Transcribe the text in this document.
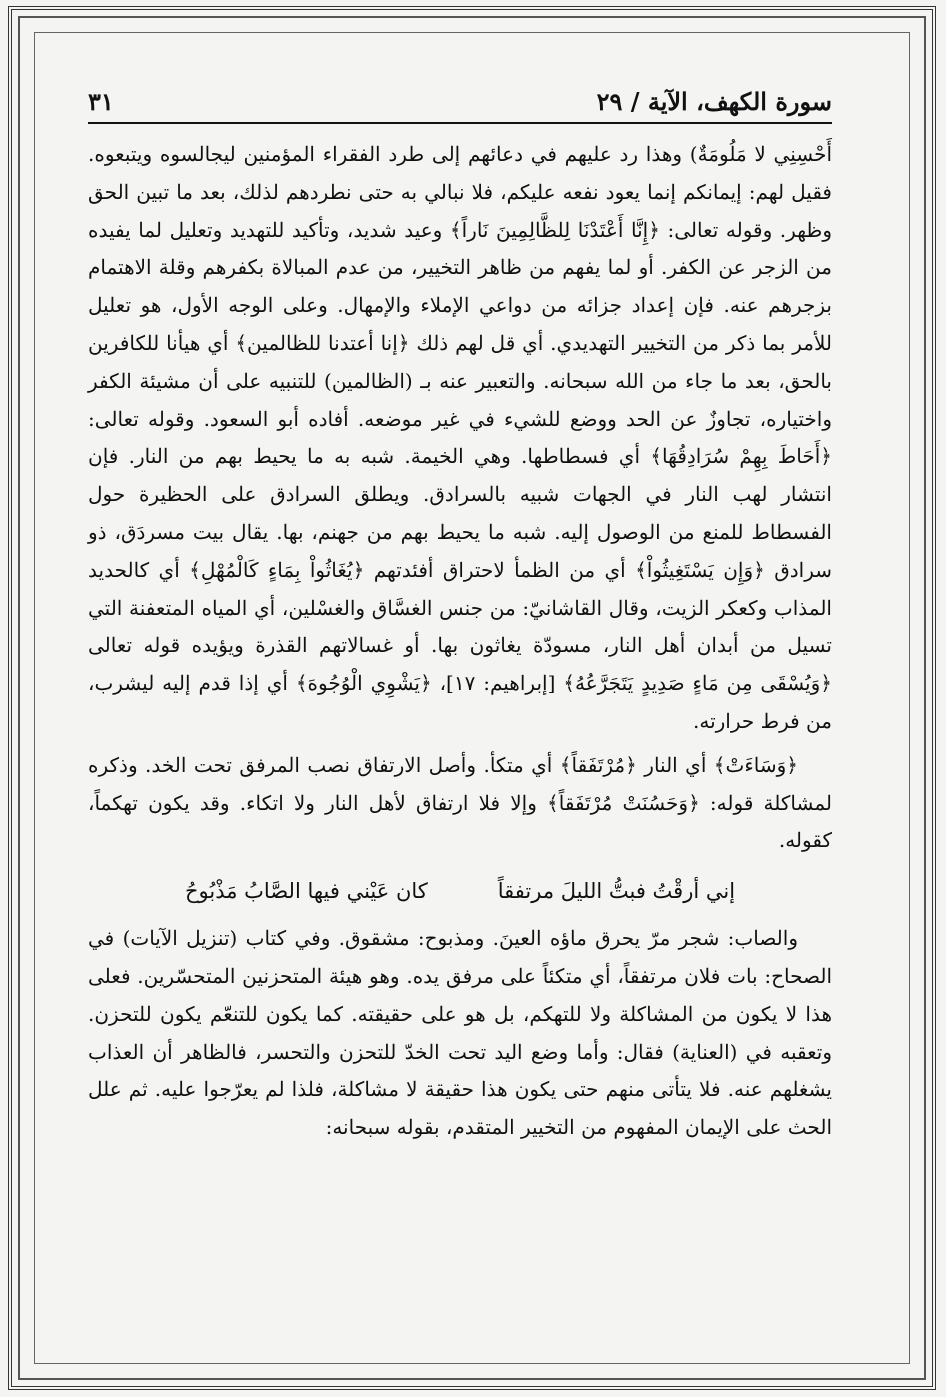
سورة الكهف، الآية / ٢٩
٣١

أَحْسِنِي لا مَلُومَةٌ) وهذا رد عليهم في دعائهم إلى طرد الفقراء المؤمنين ليجالسوه ويتبعوه. فقيل لهم: إيمانكم إنما يعود نفعه عليكم، فلا نبالي به حتى نطردهم لذلك، بعد ما تبين الحق وظهر. وقوله تعالى: ﴿إِنَّا أَعْتَدْنَا لِلظَّالِمِينَ نَاراً﴾ وعيد شديد، وتأكيد للتهديد وتعليل لما يفيده من الزجر عن الكفر. أو لما يفهم من ظاهر التخيير، من عدم المبالاة بكفرهم وقلة الاهتمام بزجرهم عنه. فإن إعداد جزائه من دواعي الإملاء والإمهال. وعلى الوجه الأول، هو تعليل للأمر بما ذكر من التخيير التهديدي. أي قل لهم ذلك ﴿إنا أعتدنا للظالمين﴾ أي هيأنا للكافرين بالحق، بعد ما جاء من الله سبحانه. والتعبير عنه بـ (الظالمين) للتنبيه على أن مشيئة الكفر واختياره، تجاوزٌ عن الحد ووضع للشيء في غير موضعه. أفاده أبو السعود. وقوله تعالى: ﴿أَحَاطَ بِهِمْ سُرَادِقُهَا﴾ أي فسطاطها. وهي الخيمة. شبه به ما يحيط بهم من النار. فإن انتشار لهب النار في الجهات شبيه بالسرادق. ويطلق السرادق على الحظيرة حول الفسطاط للمنع من الوصول إليه. شبه ما يحيط بهم من جهنم، بها. يقال بيت مسردَق، ذو سرادق ﴿وَإِن يَسْتَغِيثُواْ﴾ أي من الظمأ لاحتراق أفئدتهم ﴿يُغَاثُواْ بِمَاءٍ كَالْمُهْلِ﴾ أي كالحديد المذاب وكعكر الزيت، وقال القاشانيّ: من جنس الغسَّاق والغسْلين، أي المياه المتعفنة التي تسيل من أبدان أهل النار، مسودّة يغاثون بها. أو غسالاتهم القذرة ويؤيده قوله تعالى ﴿وَيُسْقَى مِن مَاءٍ صَدِيدٍ يَتَجَرَّعُهُ﴾ [إبراهيم: ١٧]، ﴿يَشْوِي الْوُجُوهَ﴾ أي إذا قدم إليه ليشرب، من فرط حرارته.

﴿وَسَاءَتْ﴾ أي النار ﴿مُرْتَفَقاً﴾ أي متكأ. وأصل الارتفاق نصب المرفق تحت الخد. وذكره لمشاكلة قوله: ﴿وَحَسُنَتْ مُرْتَفَقاً﴾ وإلا فلا ارتفاق لأهل النار ولا اتكاء. وقد يكون تهكماً، كقوله.

إني أرقْتُ فبتُّ الليلَ مرتفقاً
كان عَيْني فيها الصَّابُ مَذْبُوحُ

والصاب: شجر مرّ يحرق ماؤه العينَ. ومذبوح: مشقوق. وفي كتاب (تنزيل الآيات) في الصحاح: بات فلان مرتفقاً، أي متكئاً على مرفق يده. وهو هيئة المتحزنين المتحسّرين. فعلى هذا لا يكون من المشاكلة ولا للتهكم، بل هو على حقيقته. كما يكون للتنعّم يكون للتحزن. وتعقبه في (العناية) فقال: وأما وضع اليد تحت الخدّ للتحزن والتحسر، فالظاهر أن العذاب يشغلهم عنه. فلا يتأتى منهم حتى يكون هذا حقيقة لا مشاكلة، فلذا لم يعرّجوا عليه. ثم علل الحث على الإيمان المفهوم من التخيير المتقدم، بقوله سبحانه:
